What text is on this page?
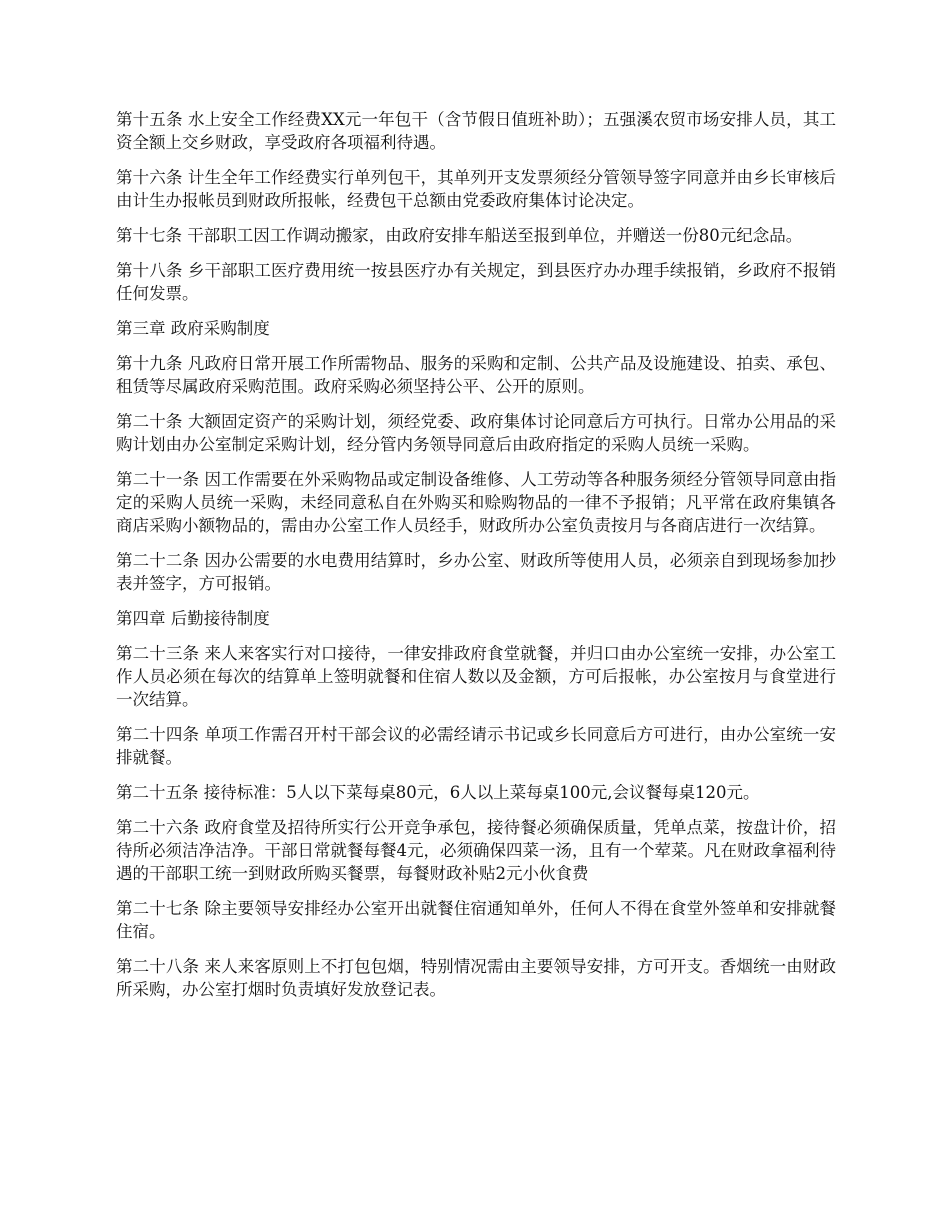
第十五条 水上安全工作经费XX元一年包干（含节假日值班补助）；五强溪农贸市场安排人员，其工资全额上交乡财政，享受政府各项福利待遇。

第十六条 计生全年工作经费实行单列包干，其单列开支发票须经分管领导签字同意并由乡长审核后由计生办报帐员到财政所报帐，经费包干总额由党委政府集体讨论决定。

第十七条 干部职工因工作调动搬家，由政府安排车船送至报到单位，并赠送一份80元纪念品。

第十八条 乡干部职工医疗费用统一按县医疗办有关规定，到县医疗办办理手续报销，乡政府不报销任何发票。

第三章 政府采购制度

第十九条 凡政府日常开展工作所需物品、服务的采购和定制、公共产品及设施建设、拍卖、承包、租赁等尽属政府采购范围。政府采购必须坚持公平、公开的原则。

第二十条 大额固定资产的采购计划，须经党委、政府集体讨论同意后方可执行。日常办公用品的采购计划由办公室制定采购计划，经分管内务领导同意后由政府指定的采购人员统一采购。

第二十一条 因工作需要在外采购物品或定制设备维修、人工劳动等各种服务须经分管领导同意由指定的采购人员统一采购，未经同意私自在外购买和赊购物品的一律不予报销；凡平常在政府集镇各商店采购小额物品的，需由办公室工作人员经手，财政所办公室负责按月与各商店进行一次结算。

第二十二条 因办公需要的水电费用结算时，乡办公室、财政所等使用人员，必须亲自到现场参加抄表并签字，方可报销。

第四章 后勤接待制度

第二十三条 来人来客实行对口接待，一律安排政府食堂就餐，并归口由办公室统一安排，办公室工作人员必须在每次的结算单上签明就餐和住宿人数以及金额，方可后报帐，办公室按月与食堂进行一次结算。

第二十四条 单项工作需召开村干部会议的必需经请示书记或乡长同意后方可进行，由办公室统一安排就餐。

第二十五条 接待标准：5人以下菜每桌80元，6人以上菜每桌100元,会议餐每桌120元。

第二十六条 政府食堂及招待所实行公开竞争承包，接待餐必须确保质量，凭单点菜，按盘计价，招待所必须洁净洁净。干部日常就餐每餐4元，必须确保四菜一汤，且有一个荤菜。凡在财政拿福利待遇的干部职工统一到财政所购买餐票，每餐财政补贴2元小伙食费

第二十七条 除主要领导安排经办公室开出就餐住宿通知单外，任何人不得在食堂外签单和安排就餐住宿。

第二十八条 来人来客原则上不打包包烟，特别情况需由主要领导安排，方可开支。香烟统一由财政所采购，办公室打烟时负责填好发放登记表。
